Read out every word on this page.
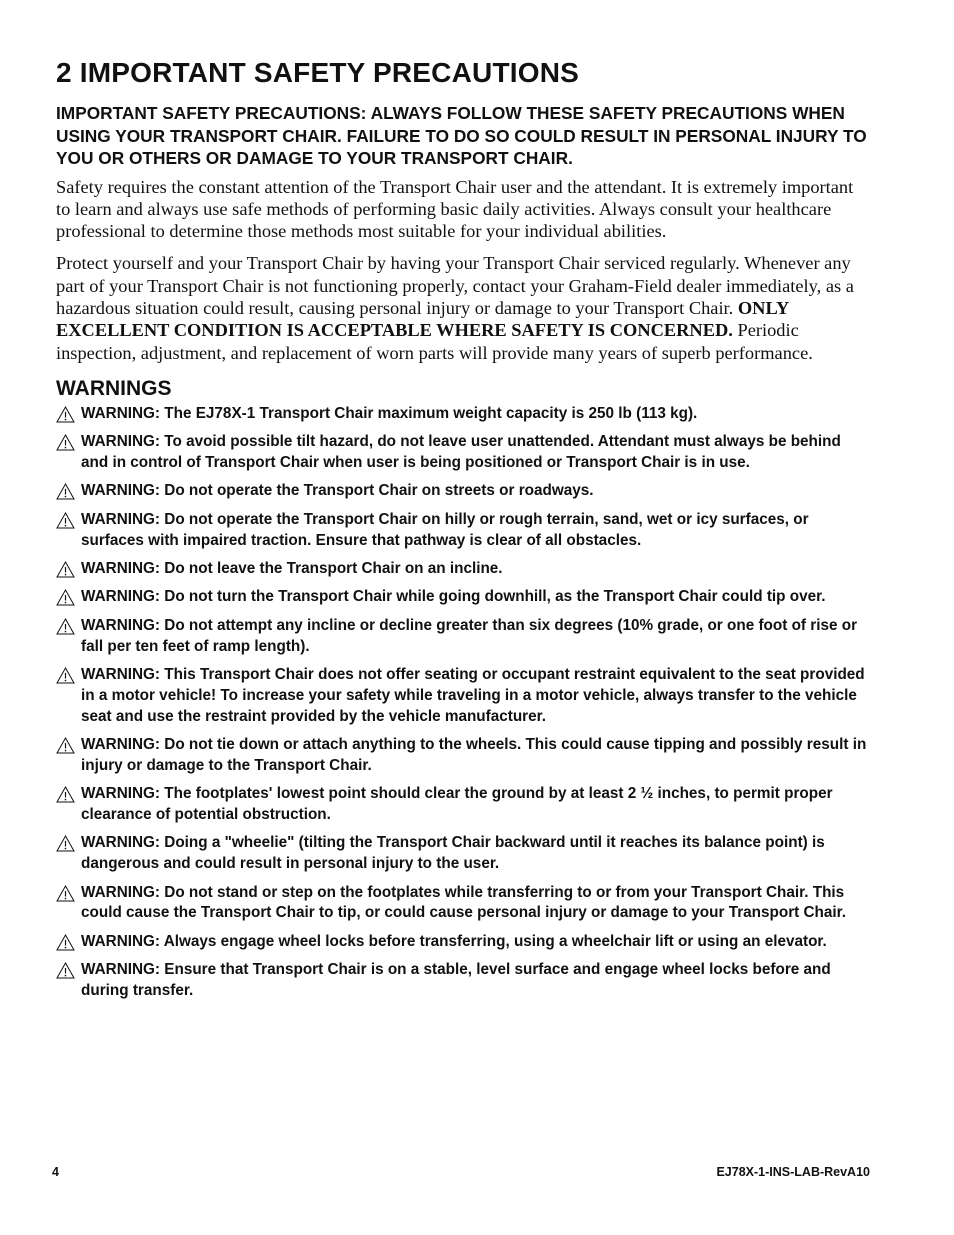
2 IMPORTANT SAFETY PRECAUTIONS

IMPORTANT SAFETY PRECAUTIONS: ALWAYS FOLLOW THESE SAFETY PRECAUTIONS WHEN USING YOUR TRANSPORT CHAIR. FAILURE TO DO SO COULD RESULT IN PERSONAL INJURY TO YOU OR OTHERS OR DAMAGE TO YOUR TRANSPORT CHAIR.

Safety requires the constant attention of the Transport Chair user and the attendant. It is extremely important to learn and always use safe methods of performing basic daily activities. Always consult your healthcare professional to determine those methods most suitable for your individual abilities.

Protect yourself and your Transport Chair by having your Transport Chair serviced regularly. Whenever any part of your Transport Chair is not functioning properly, contact your Graham-Field dealer immediately, as a hazardous situation could result, causing personal injury or damage to your Transport Chair. ONLY EXCELLENT CONDITION IS ACCEPTABLE WHERE SAFETY IS CONCERNED. Periodic inspection, adjustment, and replacement of worn parts will provide many years of superb performance.

WARNINGS
WARNING: The EJ78X-1 Transport Chair maximum weight capacity is 250 lb (113 kg).
WARNING: To avoid possible tilt hazard, do not leave user unattended. Attendant must always be behind and in control of Transport Chair when user is being positioned or Transport Chair is in use.
WARNING: Do not operate the Transport Chair on streets or roadways.
WARNING: Do not operate the Transport Chair on hilly or rough terrain, sand, wet or icy surfaces, or surfaces with impaired traction. Ensure that pathway is clear of all obstacles.
WARNING: Do not leave the Transport Chair on an incline.
WARNING: Do not turn the Transport Chair while going downhill, as the Transport Chair could tip over.
WARNING: Do not attempt any incline or decline greater than six degrees (10% grade, or one foot of rise or fall per ten feet of ramp length).
WARNING: This Transport Chair does not offer seating or occupant restraint equivalent to the seat provided in a motor vehicle! To increase your safety while traveling in a motor vehicle, always transfer to the vehicle seat and use the restraint provided by the vehicle manufacturer.
WARNING: Do not tie down or attach anything to the wheels. This could cause tipping and possibly result in injury or damage to the Transport Chair.
WARNING: The footplates' lowest point should clear the ground by at least 2 ½ inches, to permit proper clearance of potential obstruction.
WARNING: Doing a "wheelie" (tilting the Transport Chair backward until it reaches its balance point) is dangerous and could result in personal injury to the user.
WARNING: Do not stand or step on the footplates while transferring to or from your Transport Chair. This could cause the Transport Chair to tip, or could cause personal injury or damage to your Transport Chair.
WARNING: Always engage wheel locks before transferring, using a wheelchair lift or using an elevator.
WARNING: Ensure that Transport Chair is on a stable, level surface and engage wheel locks before and during transfer.
4	EJ78X-1-INS-LAB-RevA10
